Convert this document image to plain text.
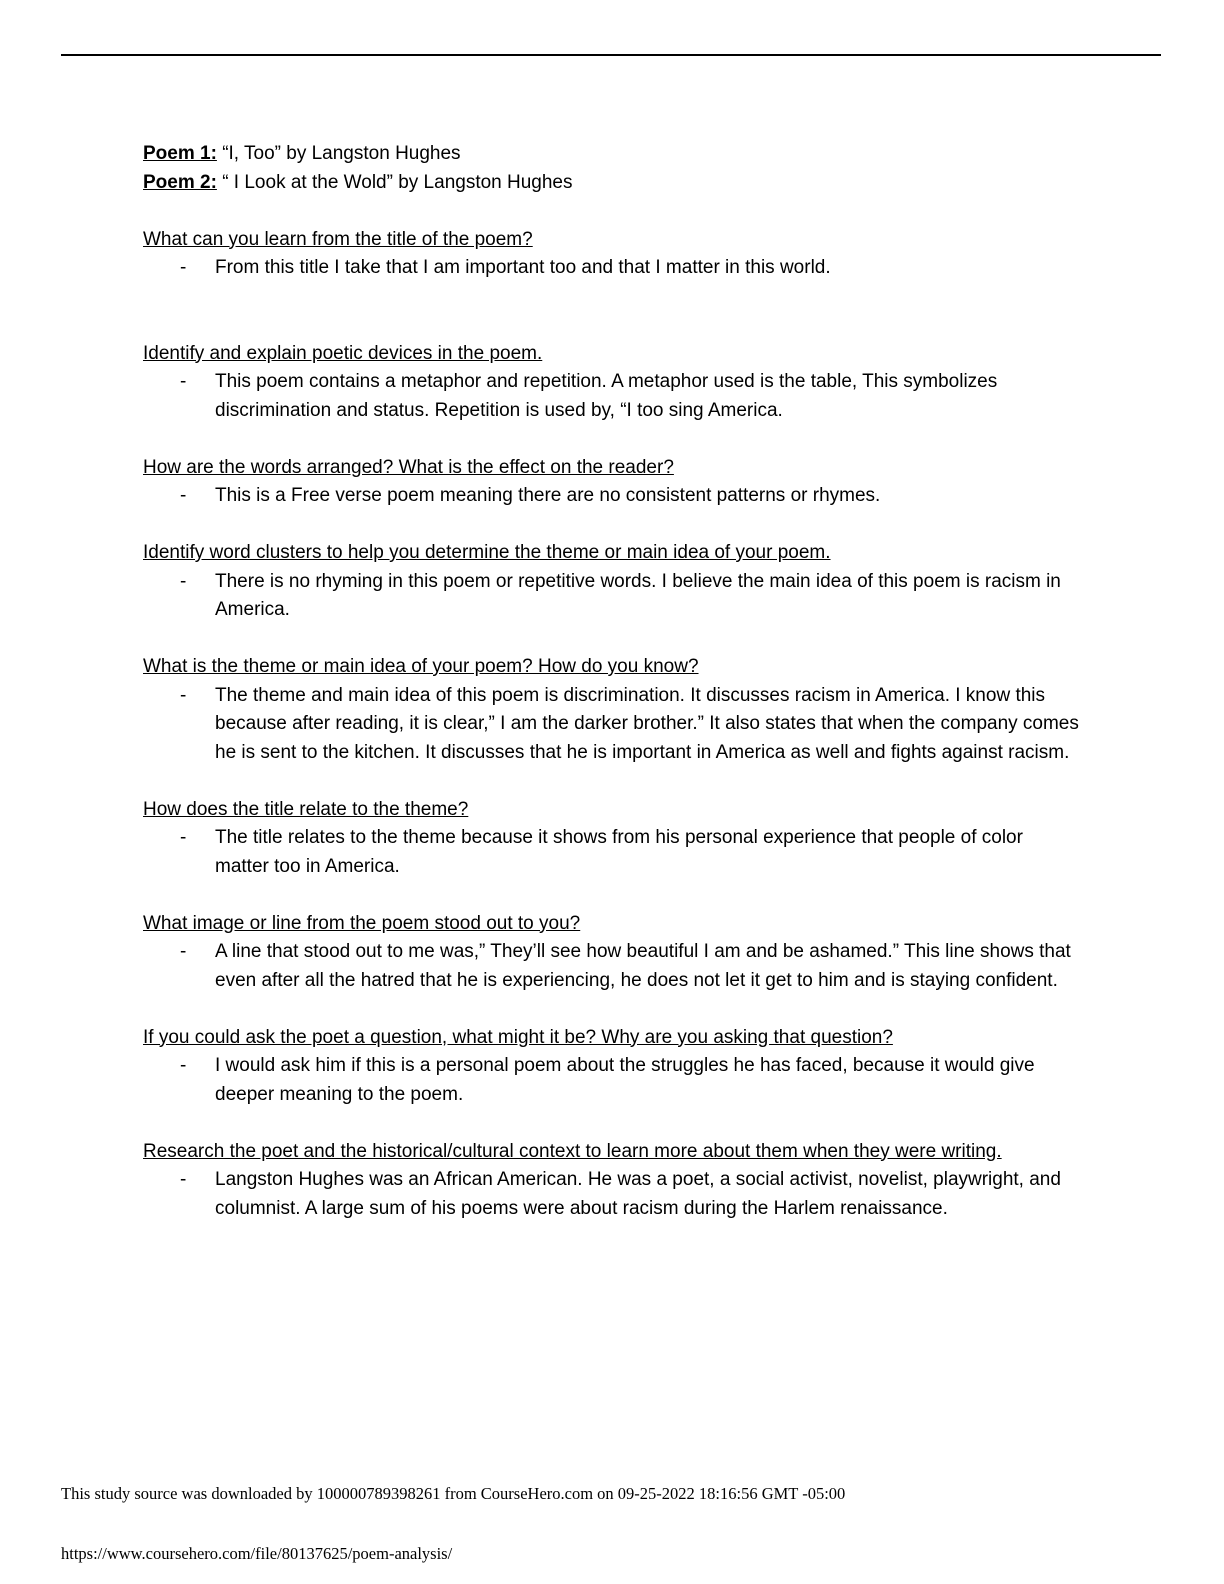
Poem 1: “I, Too” by Langston Hughes
Poem 2: “ I Look at the Wold” by Langston Hughes
What can you learn from the title of the poem?
-	From this title I take that I am important too and that I matter in this world.
Identify and explain poetic devices in the poem.
-	This poem contains a metaphor and repetition. A metaphor used is the table, This symbolizes discrimination and status. Repetition is used by, “I too sing America.
How are the words arranged? What is the effect on the reader?
-	This is a Free verse poem meaning there are no consistent patterns or rhymes.
Identify word clusters to help you determine the theme or main idea of your poem.
-	There is no rhyming in this poem or repetitive words. I believe the main idea of this poem is racism in America.
What is the theme or main idea of your poem? How do you know?
-	The theme and main idea of this poem is discrimination. It discusses racism in America. I know this because after reading, it is clear,” I am the darker brother.” It also states that when the company comes he is sent to the kitchen. It discusses that he is important in America as well and fights against racism.
How does the title relate to the theme?
-	The title relates to the theme because it shows from his personal experience that people of color matter too in America.
What image or line from the poem stood out to you?
-	A line that stood out to me was,” They’ll see how beautiful I am and be ashamed.” This line shows that even after all the hatred that he is experiencing, he does not let it get to him and is staying confident.
If you could ask the poet a question, what might it be? Why are you asking that question?
-	I would ask him if this is a personal poem about the struggles he has faced, because it would give deeper meaning to the poem.
Research the poet and the historical/cultural context to learn more about them when they were writing.
-	Langston Hughes was an African American. He was a poet, a social activist, novelist, playwright, and columnist. A large sum of his poems were about racism during the Harlem renaissance.
This study source was downloaded by 100000789398261 from CourseHero.com on 09-25-2022 18:16:56 GMT -05:00
https://www.coursehero.com/file/80137625/poem-analysis/
